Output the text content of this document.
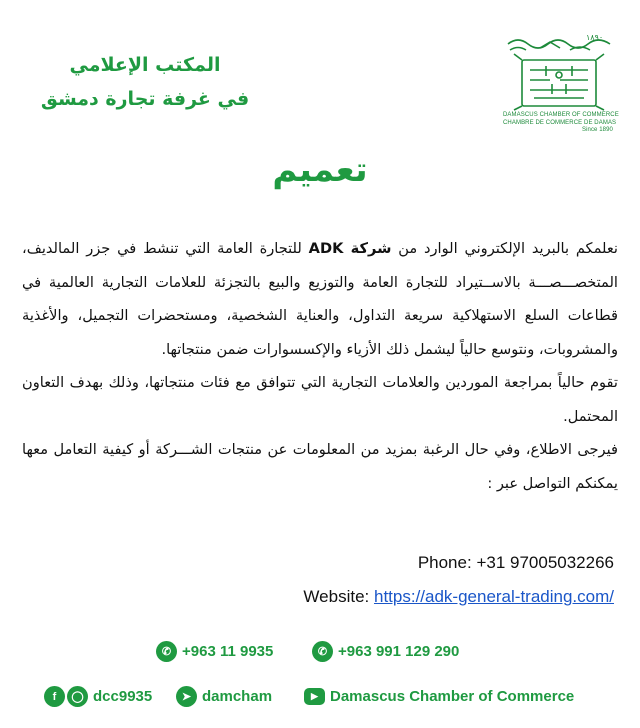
١٨٩٠
DAMASCUS CHAMBER OF COMMERCE
CHAMBRE DE COMMERCE DE DAMAS
Since 1890
المكتب الإعلامي
في غرفة تجارة دمشق
تعميم

نعلمكم بالبريد الإلكتروني الوارد من شركة ADK للتجارة العامة التي تنشط في جزر المالديف، المتخصـــصـــة بالاســتيراد للتجارة العامة والتوزيع والبيع بالتجزئة للعلامات التجارية العالمية في قطاعات السلع الاستهلاكية سريعة التداول، والعناية الشخصية، ومستحضرات التجميل، والأغذية والمشروبات، ونتوسع حالياً ليشمل ذلك الأزياء والإكسسوارات ضمن منتجاتها.

تقوم حالياً بمراجعة الموردين والعلامات التجارية التي تتوافق مع فئات منتجاتها، وذلك بهدف التعاون المحتمل.

فيرجى الاطلاع، وفي حال الرغبة بمزيد من المعلومات عن منتجات الشـــركة أو كيفية التعامل معها يمكنكم التواصل عبر :

Phone: +31 97005032266
Website: https://adk-general-trading.com/
✆ +963 11 9935	✆ +963 991 129 290
f	◯ dcc9935	➤ damcham	▶ Damascus Chamber of Commerce
